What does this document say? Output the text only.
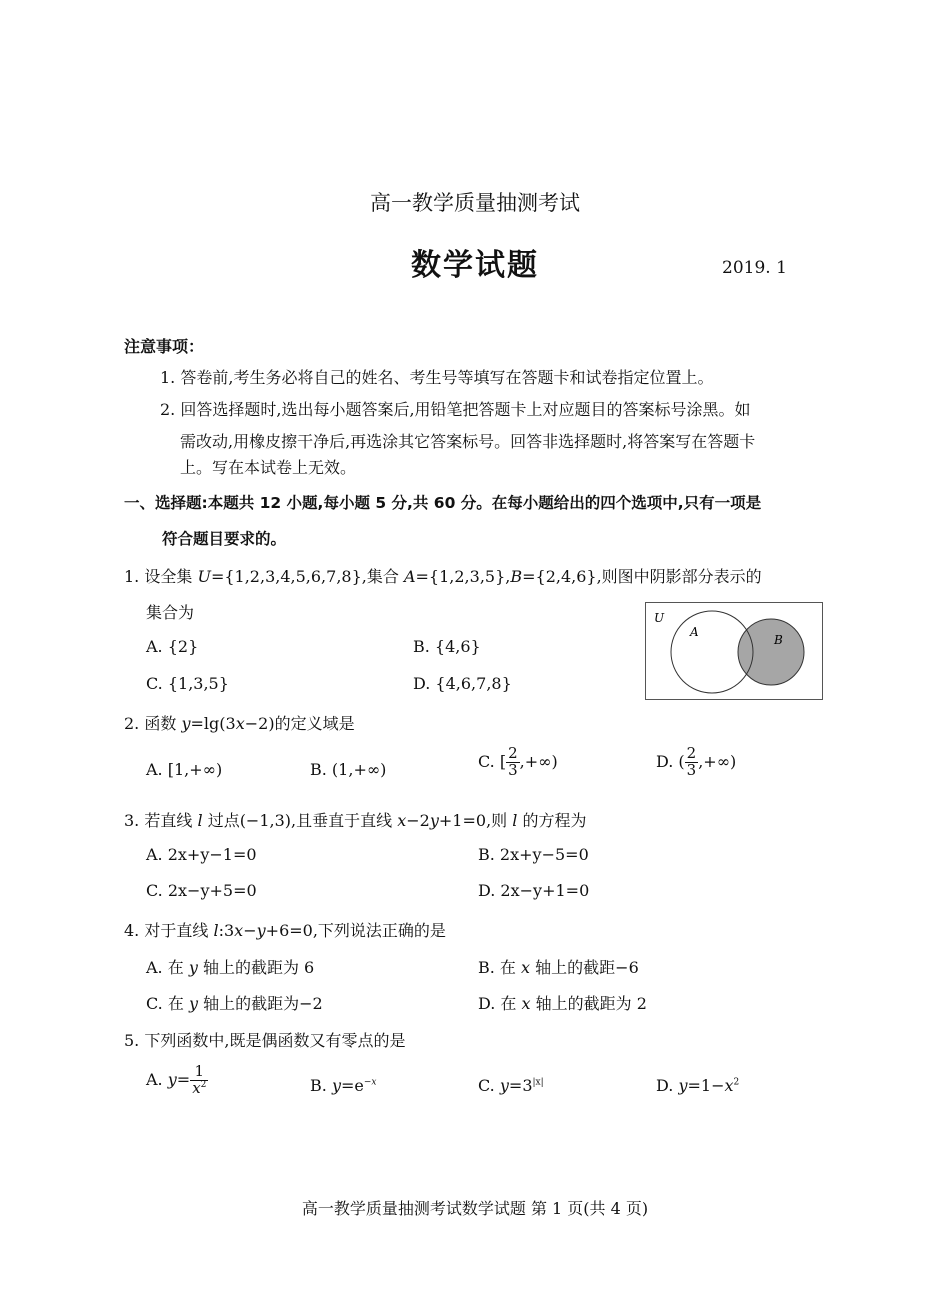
高一教学质量抽测考试
数学试题	2019. 1
注意事项：
1. 答卷前,考生务必将自己的姓名、考生号等填写在答题卡和试卷指定位置上。
2. 回答选择题时,选出每小题答案后,用铅笔把答题卡上对应题目的答案标号涂黑。如
需改动,用橡皮擦干净后,再选涂其它答案标号。回答非选择题时,将答案写在答题卡
上。写在本试卷上无效。
一、选择题:本题共 12 小题,每小题 5 分,共 60 分。在每小题给出的四个选项中,只有一项是
符合题目要求的。
1. 设全集 U={1,2,3,4,5,6,7,8},集合 A={1,2,3,5},B={2,4,6},则图中阴影部分表示的
集合为
A. {2}	B. {4,6}
C. {1,3,5}	D. {4,6,7,8}
U
A
B
2. 函数 y=lg(3x−2)的定义域是
A. [1,+∞)	B. (1,+∞)	C. [ $\frac{2}{3}$ ,+∞)	D. ( $\frac{2}{3}$ ,+∞)
3. 若直线 l 过点(−1,3),且垂直于直线 x−2y+1=0,则 l 的方程为
A. 2x+y−1=0	B. 2x+y−5=0
C. 2x−y+5=0	D. 2x−y+1=0
4. 对于直线 l:3x−y+6=0,下列说法正确的是
A. 在 y 轴上的截距为 6	B. 在 x 轴上的截距−6
C. 在 y 轴上的截距为−2	D. 在 x 轴上的截距为 2
5. 下列函数中,既是偶函数又有零点的是
A. $y= \frac{1}{x^2}$	B. $y=e^{-x}$	C. $y=3^{|x|}$	D. $y=1-x^2$
高一教学质量抽测考试数学试题 第 1 页(共 4 页)
